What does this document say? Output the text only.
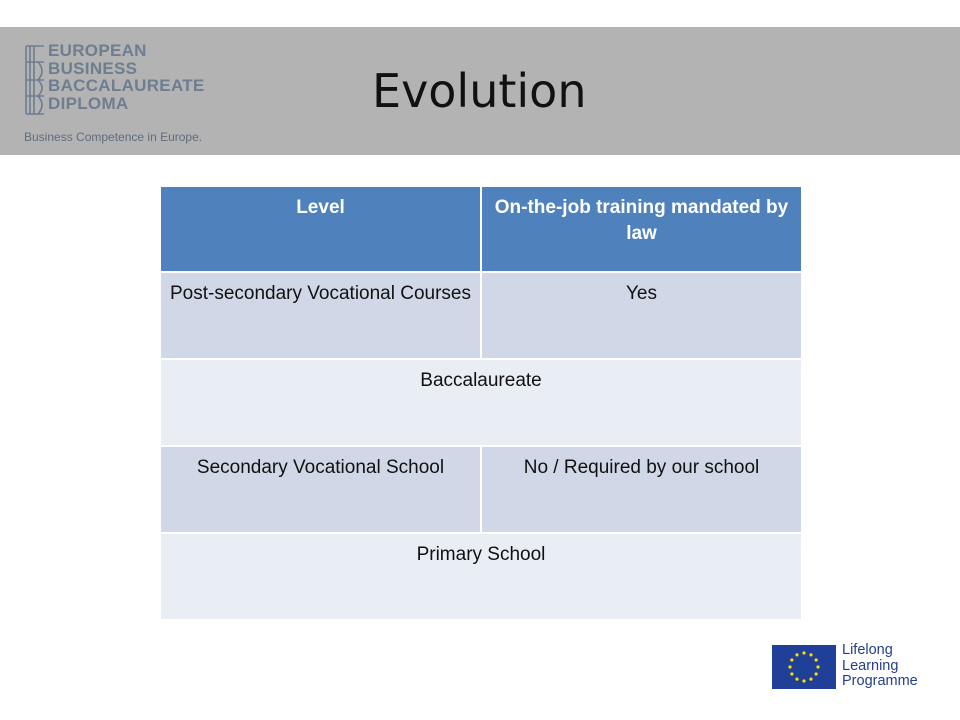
EUROPEAN
BUSINESS
BACCALAUREATE
DIPLOMA
Business Competence in Europe.
Evolution
Level	On-the-job training mandated by law
Post-secondary Vocational Courses	Yes
Baccalaureate	
Secondary Vocational School	No / Required by our school
Primary School	
Lifelong
Learning
Programme
